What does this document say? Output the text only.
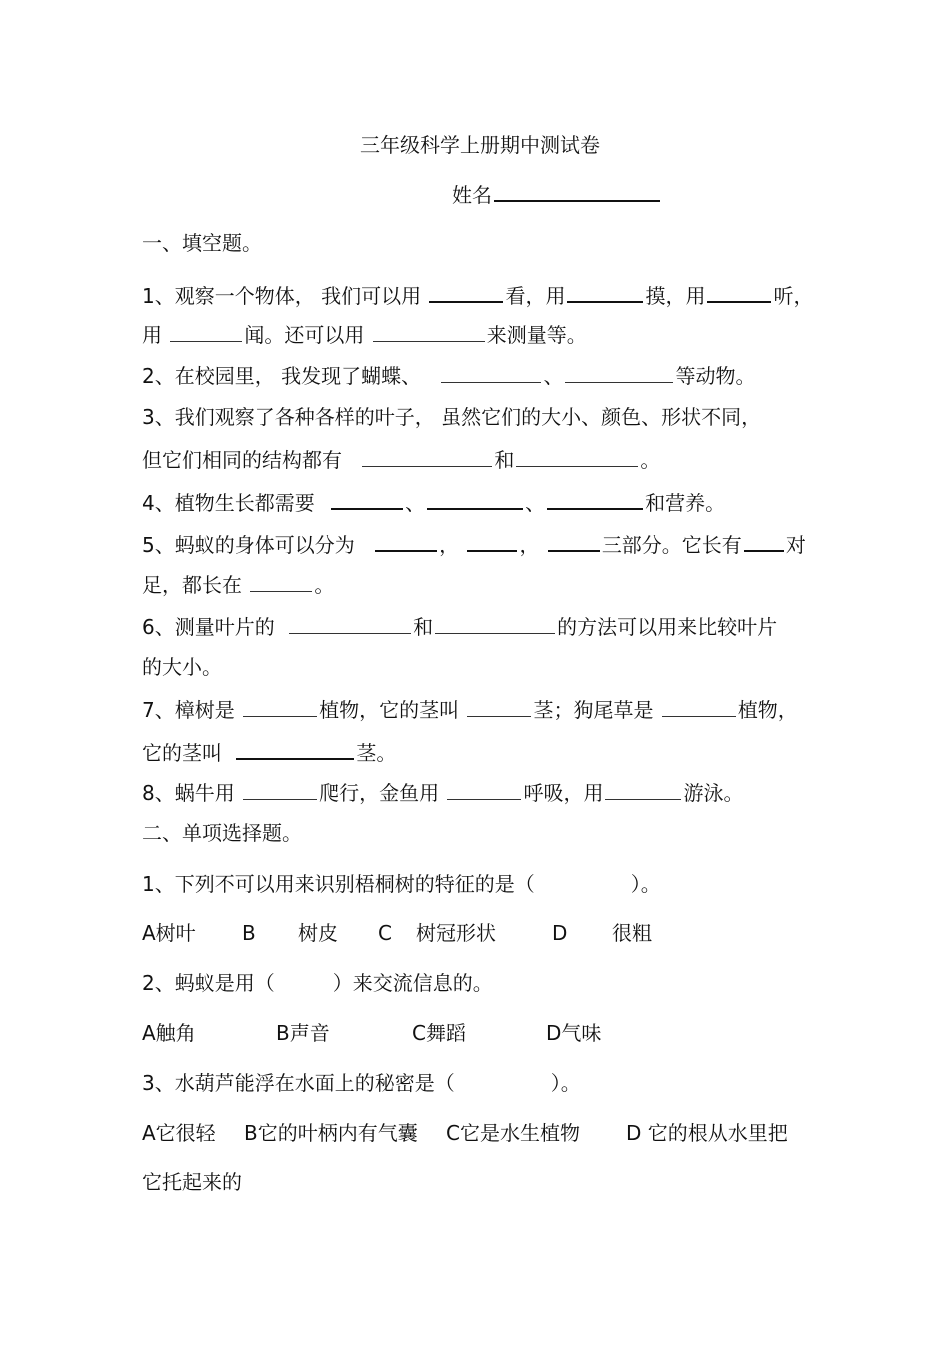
三年级科学上册期中测试卷
姓名
一、填空题。
1、观察一个物体， 我们可以用	看，用	摸，用	听，
用	闻。还可以用	来测量等。
2、在校园里， 我发现了蝴蝶、	、	等动物。
3、我们观察了各种各样的叶子， 虽然它们的大小、颜色、形状不同，
但它们相同的结构都有	和	。
4、植物生长都需要	、	、	和营养。
5、蚂蚁的身体可以分为	，	，	三部分。它长有 对
足，都长在	。
6、测量叶片的	和	的方法可以用来比较叶片
的大小。
7、樟树是	植物，它的茎叫	茎；狗尾草是	植物，
它的茎叫	茎。
8、蜗牛用	爬行，金鱼用	呼吸，用	游泳。
二、单项选择题。
1、下列不可以用来识别梧桐树的特征的是（	）。
A树叶 B 树皮 C 树冠形状	D 很粗
2、蚂蚁是用（	）来交流信息的。
A触角	B声音	C舞蹈	D气味
3、水葫芦能浮在水面上的秘密是（	）。
A它很轻 B它的叶柄内有气囊 C它是水生植物 D 它的根从水里把
它托起来的
